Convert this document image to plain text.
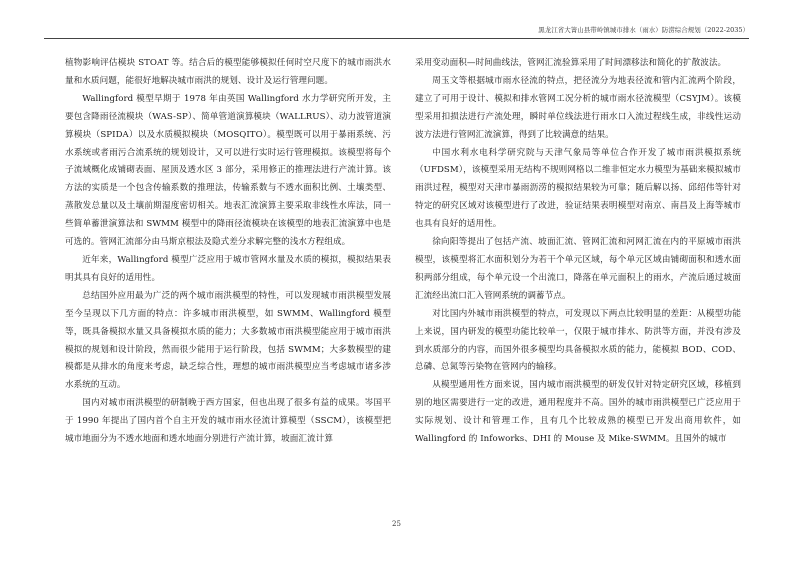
黑龙江省大箐山县带岭镇城市排水（雨水）防涝综合规划（2022-2035）

植物影响评估模块 STOAT 等。结合后的模型能够模拟任何时空尺度下的城市雨洪水量和水质问题，能很好地解决城市雨洪的规划、设计及运行管理问题。

Wallingford 模型早期于 1978 年由英国 Wallingford 水力学研究所开发，主要包含降雨径流模块（WAS-SP）、简单管道演算模块（WALLRUS）、动力波管道演算模块（SPIDA）以及水质模拟模块（MOSQITO）。模型既可以用于暴雨系统、污水系统或者雨污合流系统的规划设计，又可以进行实时运行管理模拟。该模型将每个子流域概化成铺砌表面、屋顶及透水区 3 部分，采用修正的推理法进行产流计算。该方法的实质是一个包含传输系数的推理法，传输系数与不透水面积比例、土壤类型、蒸散发总量以及土壤前期湿度密切相关。地表汇流演算主要采取非线性水库法，同一些简单蓄泄演算法和 SWMM 模型中的降雨径流模块在该模型的地表汇流演算中也是可选的。管网汇流部分由马斯京根法及隐式差分求解完整的浅水方程组成。

近年来，Wallingford 模型广泛应用于城市管网水量及水质的模拟，模拟结果表明其具有良好的适用性。

总结国外应用最为广泛的两个城市雨洪模型的特性，可以发现城市雨洪模型发展至今呈现以下几方面的特点：许多城市雨洪模型，如 SWMM、Wallingford 模型等，既具备模拟水量又具备模拟水质的能力；大多数城市雨洪模型能应用于城市雨洪模拟的规划和设计阶段，然而很少能用于运行阶段，包括 SWMM；大多数模型的建模都是从排水的角度来考虑，缺乏综合性，理想的城市雨洪模型应当考虑城市诸多涉水系统的互动。

国内对城市雨洪模型的研制晚于西方国家，但也出现了很多有益的成果。岑国平于 1990 年提出了国内首个自主开发的城市雨水径流计算模型（SSCM），该模型把城市地面分为不透水地面和透水地面分别进行产流计算，坡面汇流计算

采用变动面积—时间曲线法，管网汇流验算采用了时间漂移法和简化的扩散波法。

周玉文等根据城市雨水径流的特点，把径流分为地表径流和管内汇流两个阶段，建立了可用于设计、模拟和排水管网工况分析的城市雨水径流模型（CSYJM）。该模型采用扣损法进行产流处理，瞬时单位线法进行雨水口入流过程线生成，非线性运动波方法进行管网汇流演算，得到了比较满意的结果。

中国水利水电科学研究院与天津气象局等单位合作开发了城市雨洪模拟系统（UFDSM），该模型采用无结构不规则网格以二维非恒定水力模型为基础来模拟城市雨洪过程，模型对天津市暴雨沥涝的模拟结果较为可靠；随后解以扬、邱绍伟等针对特定的研究区域对该模型进行了改进，验证结果表明模型对南京、南昌及上海等城市也具有良好的适用性。

徐向阳等提出了包括产流、坡面汇流、管网汇流和河网汇流在内的平原城市雨洪模型，该模型将汇水面积划分为若干个单元区域，每个单元区域由铺砌面积和透水面积两部分组成，每个单元设一个出流口，降落在单元面积上的雨水，产流后通过坡面汇流经出流口汇入管网系统的调蓄节点。

对比国内外城市雨洪模型的特点，可发现以下两点比较明显的差距：从模型功能上来说，国内研发的模型功能比较单一，仅限于城市排水、防洪等方面，并没有涉及到水质部分的内容，而国外很多模型均具备模拟水质的能力，能模拟 BOD、COD、总磷、总氮等污染物在管网内的输移。

从模型通用性方面来说，国内城市雨洪模型的研发仅针对特定研究区域，移植到别的地区需要进行一定的改进，通用程度并不高。国外的城市雨洪模型已广泛应用于实际规划、设计和管理工作，且有几个比较成熟的模型已开发出商用软件，如 Wallingford 的 Infoworks、DHI 的 Mouse 及 Mike-SWMM。且国外的城市

25
